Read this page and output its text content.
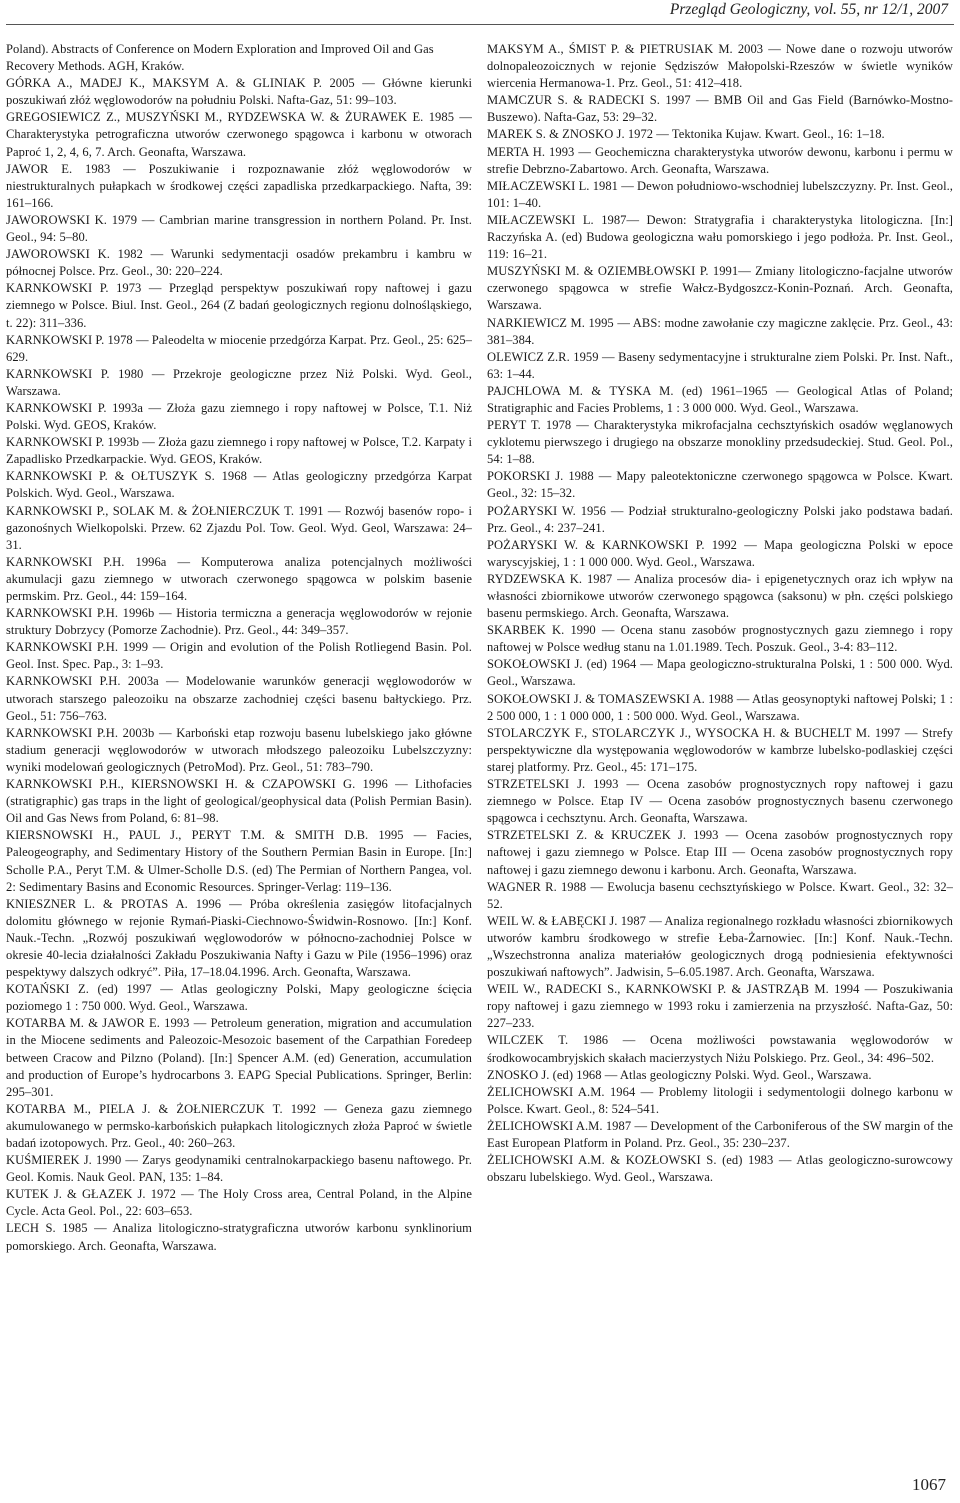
Przegląd Geologiczny, vol. 55, nr 12/1, 2007

Poland). Abstracts of Conference on Modern Exploration and Improved Oil and Gas Recovery Methods. AGH, Kraków.

GÓRKA A., MADEJ K., MAKSYM A. & GLINIAK P. 2005 — Główne kierunki poszukiwań złóż węglowodorów na południu Polski. Nafta-Gaz, 51: 99–103.

GREGOSIEWICZ Z., MUSZYŃSKI M., RYDZEWSKA W. & ŻURAWEK E. 1985 — Charakterystyka petrograficzna utworów czerwonego spągowca i karbonu w otworach Paproć 1, 2, 4, 6, 7. Arch. Geonafta, Warszawa.

JAWOR E. 1983 — Poszukiwanie i rozpoznawanie złóż węglowodorów w niestrukturalnych pułapkach w środkowej części zapadliska przedkarpackiego. Nafta, 39: 161–166.

JAWOROWSKI K. 1979 — Cambrian marine transgression in northern Poland. Pr. Inst. Geol., 94: 5–80.

JAWOROWSKI K. 1982 — Warunki sedymentacji osadów prekambru i kambru w północnej Polsce. Prz. Geol., 30: 220–224.

KARNKOWSKI P. 1973 — Przegląd perspektyw poszukiwań ropy naftowej i gazu ziemnego w Polsce. Biul. Inst. Geol., 264 (Z badań geologicznych regionu dolnośląskiego, t. 22): 311–336.

KARNKOWSKI P. 1978 — Paleodelta w miocenie przedgórza Karpat. Prz. Geol., 25: 625–629.

KARNKOWSKI P. 1980 — Przekroje geologiczne przez Niż Polski. Wyd. Geol., Warszawa.

KARNKOWSKI P. 1993a — Złoża gazu ziemnego i ropy naftowej w Polsce, T.1. Niż Polski. Wyd. GEOS, Kraków.

KARNKOWSKI P. 1993b — Złoża gazu ziemnego i ropy naftowej w Polsce, T.2. Karpaty i Zapadlisko Przedkarpackie. Wyd. GEOS, Kraków.

KARNKOWSKI P. & OŁTUSZYK S. 1968 — Atlas geologiczny przedgórza Karpat Polskich. Wyd. Geol., Warszawa.

KARNKOWSKI P., SOLAK M. & ŻOŁNIERCZUK T. 1991 — Rozwój basenów ropo- i gazonośnych Wielkopolski. Przew. 62 Zjazdu Pol. Tow. Geol. Wyd. Geol, Warszawa: 24–31.

KARNKOWSKI P.H. 1996a — Komputerowa analiza potencjalnych możliwości akumulacji gazu ziemnego w utworach czerwonego spągowca w polskim basenie permskim. Prz. Geol., 44: 159–164.

KARNKOWSKI P.H. 1996b — Historia termiczna a generacja węglowodorów w rejonie struktury Dobrzycy (Pomorze Zachodnie). Prz. Geol., 44: 349–357.

KARNKOWSKI P.H. 1999 — Origin and evolution of the Polish Rotliegend Basin. Pol. Geol. Inst. Spec. Pap., 3: 1–93.

KARNKOWSKI P.H. 2003a — Modelowanie warunków generacji węglowodorów w utworach starszego paleozoiku na obszarze zachodniej części basenu bałtyckiego. Prz. Geol., 51: 756–763.

KARNKOWSKI P.H. 2003b — Karboński etap rozwoju basenu lubelskiego jako główne stadium generacji węglowodorów w utworach młodszego paleozoiku Lubelszczyzny: wyniki modelowań geologicznych (PetroMod). Prz. Geol., 51: 783–790.

KARNKOWSKI P.H., KIERSNOWSKI H. & CZAPOWSKI G. 1996 — Lithofacies (stratigraphic) gas traps in the light of geological/geophysical data (Polish Permian Basin). Oil and Gas News from Poland, 6: 81–98.

KIERSNOWSKI H., PAUL J., PERYT T.M. & SMITH D.B. 1995 — Facies, Paleogeography, and Sedimentary History of the Southern Permian Basin in Europe. [In:] Scholle P.A., Peryt T.M. & Ulmer-Scholle D.S. (ed) The Permian of Northern Pangea, vol. 2: Sedimentary Basins and Economic Resources. Springer-Verlag: 119–136.

KNIESZNER L. & PROTAS A. 1996 — Próba określenia zasięgów litofacjalnych dolomitu głównego w rejonie Rymań-Piaski-Ciechnowo-Świdwin-Rosnowo. [In:] Konf. Nauk.-Techn. „Rozwój poszukiwań węglowodorów w północno-zachodniej Polsce w okresie 40-lecia działalności Zakładu Poszukiwania Nafty i Gazu w Pile (1956–1996) oraz pespektywy dalszych odkryć”. Piła, 17–18.04.1996. Arch. Geonafta, Warszawa.

KOTAŃSKI Z. (ed) 1997 — Atlas geologiczny Polski, Mapy geologiczne ścięcia poziomego 1 : 750 000. Wyd. Geol., Warszawa.

KOTARBA M. & JAWOR E. 1993 — Petroleum generation, migration and accumulation in the Miocene sediments and Paleozoic-Mesozoic basement of the Carpathian Foredeep between Cracow and Pilzno (Poland). [In:] Spencer A.M. (ed) Generation, accumulation and production of Europe’s hydrocarbons 3. EAPG Special Publications. Springer, Berlin: 295–301.

KOTARBA M., PIELA J. & ŻOŁNIERCZUK T. 1992 — Geneza gazu ziemnego akumulowanego w permsko-karbońskich pułapkach litologicznych złoża Paproć w świetle badań izotopowych. Prz. Geol., 40: 260–263.

KUŚMIEREK J. 1990 — Zarys geodynamiki centralnokarpackiego basenu naftowego. Pr. Geol. Komis. Nauk Geol. PAN, 135: 1–84.

KUTEK J. & GŁAZEK J. 1972 — The Holy Cross area, Central Poland, in the Alpine Cycle. Acta Geol. Pol., 22: 603–653.

LECH S. 1985 — Analiza litologiczno-stratygraficzna utworów karbonu synklinorium pomorskiego. Arch. Geonafta, Warszawa.

MAKSYM A., ŚMIST P. & PIETRUSIAK M. 2003 — Nowe dane o rozwoju utworów dolnopaleozoicznych w rejonie Sędziszów Małopolski-Rzeszów w świetle wyników wiercenia Hermanowa-1. Prz. Geol., 51: 412–418.

MAMCZUR S. & RADECKI S. 1997 — BMB Oil and Gas Field (Barnówko-Mostno-Buszewo). Nafta-Gaz, 53: 29–32.

MAREK S. & ZNOSKO J. 1972 — Tektonika Kujaw. Kwart. Geol., 16: 1–18.

MERTA H. 1993 — Geochemiczna charakterystyka utworów dewonu, karbonu i permu w strefie Debrzno-Zabartowo. Arch. Geonafta, Warszawa.

MIŁACZEWSKI L. 1981 — Dewon południowo-wschodniej lubelszczyzny. Pr. Inst. Geol., 101: 1–40.

MIŁACZEWSKI L. 1987— Dewon: Stratygrafia i charakterystyka litologiczna. [In:] Raczyńska A. (ed) Budowa geologiczna wału pomorskiego i jego podłoża. Pr. Inst. Geol., 119: 16–21.

MUSZYŃSKI M. & OZIEMBŁOWSKI P. 1991— Zmiany litologiczno-facjalne utworów czerwonego spągowca w strefie Wałcz-Bydgoszcz-Konin-Poznań. Arch. Geonafta, Warszawa.

NARKIEWICZ M. 1995 — ABS: modne zawołanie czy magiczne zaklęcie. Prz. Geol., 43: 381–384.

OLEWICZ Z.R. 1959 — Baseny sedymentacyjne i strukturalne ziem Polski. Pr. Inst. Naft., 63: 1–44.

PAJCHLOWA M. & TYSKA M. (ed) 1961–1965 — Geological Atlas of Poland; Stratigraphic and Facies Problems, 1 : 3 000 000. Wyd. Geol., Warszawa.

PERYT T. 1978 — Charakterystyka mikrofacjalna cechsztyńskich osadów węglanowych cyklotemu pierwszego i drugiego na obszarze monokliny przedsudeckiej. Stud. Geol. Pol., 54: 1–88.

POKORSKI J. 1988 — Mapy paleotektoniczne czerwonego spągowca w Polsce. Kwart. Geol., 32: 15–32.

POŻARYSKI W. 1956 — Podział strukturalno-geologiczny Polski jako podstawa badań. Prz. Geol., 4: 237–241.

POŻARYSKI W. & KARNKOWSKI P. 1992 — Mapa geologiczna Polski w epoce waryscyjskiej, 1 : 1 000 000. Wyd. Geol., Warszawa.

RYDZEWSKA K. 1987 — Analiza procesów dia- i epigenetycznych oraz ich wpływ na własności zbiornikowe utworów czerwonego spągowca (saksonu) w płn. części polskiego basenu permskiego. Arch. Geonafta, Warszawa.

SKARBEK K. 1990 — Ocena stanu zasobów prognostycznych gazu ziemnego i ropy naftowej w Polsce według stanu na 1.01.1989. Tech. Poszuk. Geol., 3-4: 83–112.

SOKOŁOWSKI J. (ed) 1964 — Mapa geologiczno-strukturalna Polski, 1 : 500 000. Wyd. Geol., Warszawa.

SOKOŁOWSKI J. & TOMASZEWSKI A. 1988 — Atlas geosynoptyki naftowej Polski; 1 : 2 500 000, 1 : 1 000 000, 1 : 500 000. Wyd. Geol., Warszawa.

STOLARCZYK F., STOLARCZYK J., WYSOCKA H. & BUCHELT M. 1997 — Strefy perspektywiczne dla występowania węglowodorów w kambrze lubelsko-podlaskiej części starej platformy. Prz. Geol., 45: 171–175.

STRZETELSKI J. 1993 — Ocena zasobów prognostycznych ropy naftowej i gazu ziemnego w Polsce. Etap IV — Ocena zasobów prognostycznych basenu czerwonego spągowca i cechsztynu. Arch. Geonafta, Warszawa.

STRZETELSKI Z. & KRUCZEK J. 1993 — Ocena zasobów prognostycznych ropy naftowej i gazu ziemnego w Polsce. Etap III — Ocena zasobów prognostycznych ropy naftowej i gazu ziemnego dewonu i karbonu. Arch. Geonafta, Warszawa.

WAGNER R. 1988 — Ewolucja basenu cechsztyńskiego w Polsce. Kwart. Geol., 32: 32–52.

WEIL W. & ŁABĘCKI J. 1987 — Analiza regionalnego rozkładu własności zbiornikowych utworów kambru środkowego w strefie Łeba-Żarnowiec. [In:] Konf. Nauk.-Techn. „Wszechstronna analiza materiałów geologicznych drogą podniesienia efektywności poszukiwań naftowych”. Jadwisin, 5–6.05.1987. Arch. Geonafta, Warszawa.

WEIL W., RADECKI S., KARNKOWSKI P. & JASTRZĄB M. 1994 — Poszukiwania ropy naftowej i gazu ziemnego w 1993 roku i zamierzenia na przyszłość. Nafta-Gaz, 50: 227–233.

WILCZEK T. 1986 — Ocena możliwości powstawania węglowodorów w środkowocambryjskich skałach macierzystych Niżu Polskiego. Prz. Geol., 34: 496–502.

ZNOSKO J. (ed) 1968 — Atlas geologiczny Polski. Wyd. Geol., Warszawa.

ŻELICHOWSKI A.M. 1964 — Problemy litologii i sedymentologii dolnego karbonu w Polsce. Kwart. Geol., 8: 524–541.

ŻELICHOWSKI A.M. 1987 — Development of the Carboniferous of the SW margin of the East European Platform in Poland. Prz. Geol., 35: 230–237.

ŻELICHOWSKI A.M. & KOZŁOWSKI S. (ed) 1983 — Atlas geologiczno-surowcowy obszaru lubelskiego. Wyd. Geol., Warszawa.

1067
